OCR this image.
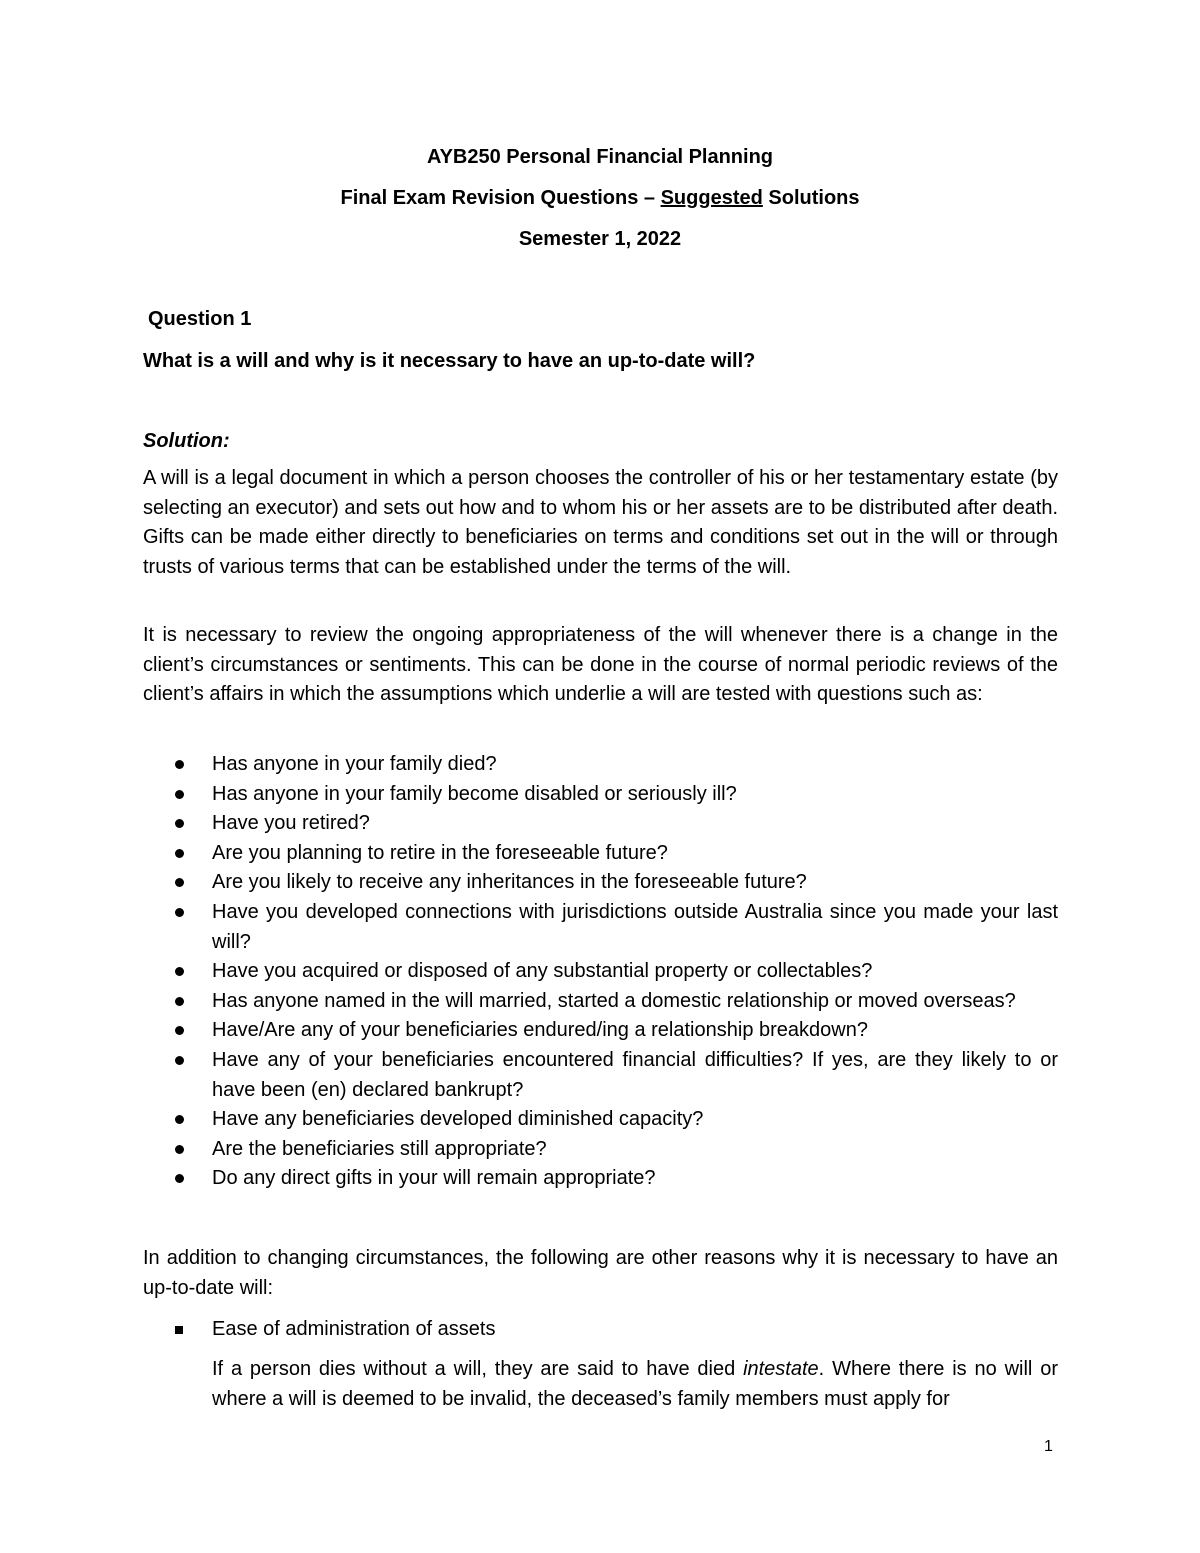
AYB250 Personal Financial Planning
Final Exam Revision Questions – Suggested Solutions
Semester 1, 2022
Question 1
What is a will and why is it necessary to have an up-to-date will?
Solution:

A will is a legal document in which a person chooses the controller of his or her testamentary estate (by selecting an executor) and sets out how and to whom his or her assets are to be distributed after death. Gifts can be made either directly to beneficiaries on terms and conditions set out in the will or through trusts of various terms that can be established under the terms of the will.

It is necessary to review the ongoing appropriateness of the will whenever there is a change in the client’s circumstances or sentiments. This can be done in the course of normal periodic reviews of the client’s affairs in which the assumptions which underlie a will are tested with questions such as:

Has anyone in your family died?
Has anyone in your family become disabled or seriously ill?
Have you retired?
Are you planning to retire in the foreseeable future?
Are you likely to receive any inheritances in the foreseeable future?
Have you developed connections with jurisdictions outside Australia since you made your last will?
Have you acquired or disposed of any substantial property or collectables?
Has anyone named in the will married, started a domestic relationship or moved overseas?
Have/Are any of your beneficiaries endured/ing a relationship breakdown?
Have any of your beneficiaries encountered financial difficulties? If yes, are they likely to or have been (en) declared bankrupt?
Have any beneficiaries developed diminished capacity?
Are the beneficiaries still appropriate?
Do any direct gifts in your will remain appropriate?

In addition to changing circumstances, the following are other reasons why it is necessary to have an up-to-date will:

Ease of administration of assets

If a person dies without a will, they are said to have died intestate. Where there is no will or where a will is deemed to be invalid, the deceased’s family members must apply for

1
